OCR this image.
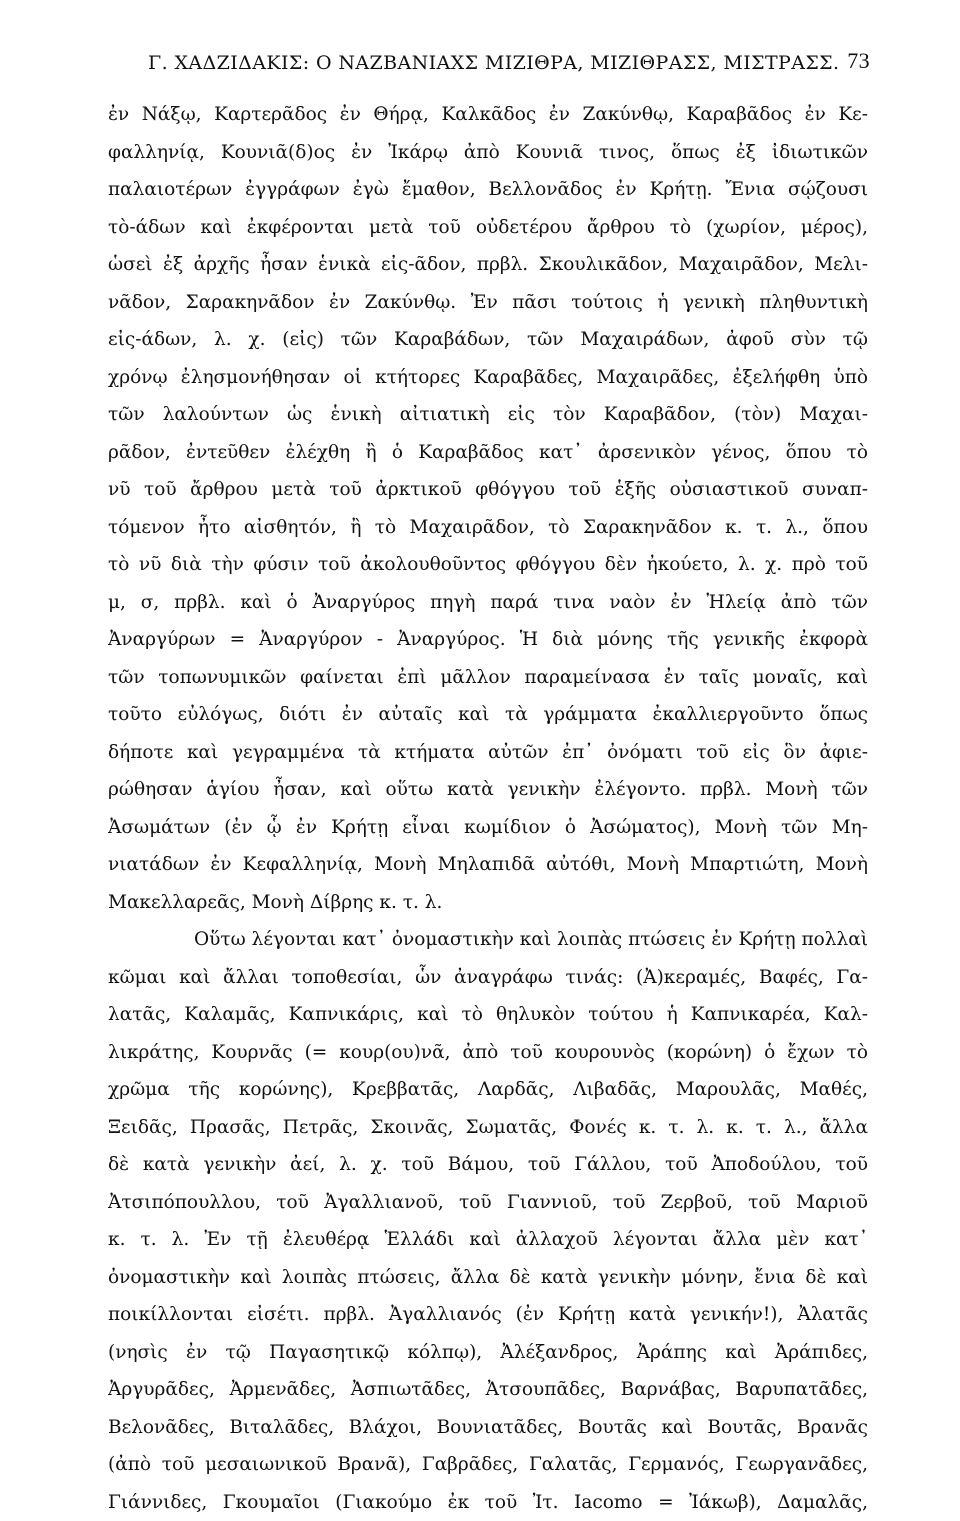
Γ. ΧΑΔΖΙΔΑΚΙΣ: Ο ΝΑΖΒΑΝΙΑΧΣ ΜΙΖΙΘΡΑ, ΜΙΖΙΘΡΑΣΣ, ΜΙΣΤΡΑΣΣ. 73
ἐν Νάξῳ, Καρτερᾶδος ἐν Θήρᾳ, Καλκᾶδος ἐν Ζακύνθῳ, Καραβᾶδος ἐν Κε-
φαλληνίᾳ, Κουνιᾶ(δ)ος ἐν Ἰκάρῳ ἀπὸ Κουνιᾶ τινος, ὅπως ἐξ ἰδιωτικῶν
παλαιοτέρων ἐγγράφων ἐγὼ ἔμαθον, Βελλονᾶδος ἐν Κρήτῃ. Ἔνια σῴζουσι
τὸ-άδων καὶ ἐκφέρονται μετὰ τοῦ οὐδετέρου ἄρθρου τὸ (χωρίον, μέρος),
ὡσεὶ ἐξ ἀρχῆς ἦσαν ἑνικὰ εἰς-ᾶδον, πρβλ. Σκουλικᾶδον, Μαχαιρᾶδον, Μελι-
νᾶδον, Σαρακηνᾶδον ἐν Ζακύνθῳ. Ἐν πᾶσι τούτοις ἡ γενικὴ πληθυντικὴ
εἰς-άδων, λ. χ. (εἰς) τῶν Καραβάδων, τῶν Μαχαιράδων, ἀφοῦ σὺν τῷ
χρόνῳ ἐλησμονήθησαν οἱ κτήτορες Καραβᾶδες, Μαχαιρᾶδες, ἐξελήφθη ὑπὸ
τῶν λαλούντων ὡς ἑνικὴ αἰτιατικὴ εἰς τὸν Καραβᾶδον, (τὸν) Μαχαι-
ρᾶδον, ἐντεῦθεν ἐλέχθη ἢ ὁ Καραβᾶδος κατ᾽ ἀρσενικὸν γένος, ὅπου τὸ
νῦ τοῦ ἄρθρου μετὰ τοῦ ἀρκτικοῦ φθόγγου τοῦ ἑξῆς οὐσιαστικοῦ συναπ-
τόμενον ἦτο αἰσθητόν, ἢ τὸ Μαχαιρᾶδον, τὸ Σαρακηνᾶδον κ. τ. λ., ὅπου
τὸ νῦ διὰ τὴν φύσιν τοῦ ἀκολουθοῦντος φθόγγου δὲν ἠκούετο, λ. χ. πρὸ τοῦ
μ, σ, πρβλ. καὶ ὁ Ἀναργύρος πηγὴ παρά τινα ναὸν ἐν Ἠλείᾳ ἀπὸ τῶν
Ἀναργύρων = Ἀναργύρον - Ἀναργύρος. Ἡ διὰ μόνης τῆς γενικῆς ἐκφορὰ
τῶν τοπωνυμικῶν φαίνεται ἐπὶ μᾶλλον παραμείνασα ἐν ταῖς μοναῖς, καὶ
τοῦτο εὐλόγως, διότι ἐν αὐταῖς καὶ τὰ γράμματα ἐκαλλιεργοῦντο ὅπως
δήποτε καὶ γεγραμμένα τὰ κτήματα αὐτῶν ἐπ᾽ ὀνόματι τοῦ εἰς ὃν ἀφιε-
ρώθησαν ἁγίου ἦσαν, καὶ οὕτω κατὰ γενικὴν ἐλέγοντο. πρβλ. Μονὴ τῶν
Ἀσωμάτων (ἐν ᾧ ἐν Κρήτῃ εἶναι κωμίδιον ὁ Ἀσώματος), Μονὴ τῶν Μη-
νιατάδων ἐν Κεφαλληνίᾳ, Μονὴ Μηλαπιδᾶ αὐτόθι, Μονὴ Μπαρτιώτη, Μονὴ
Μακελλαρεᾶς, Μονὴ Δίβρης κ. τ. λ.
Οὕτω λέγονται κατ᾽ ὀνομαστικὴν καὶ λοιπὰς πτώσεις ἐν Κρήτῃ πολλαὶ
κῶμαι καὶ ἄλλαι τοποθεσίαι, ὧν ἀναγράφω τινάς: (Ἀ)κεραμές, Βαφές, Γα-
λατᾶς, Καλαμᾶς, Καπνικάρις, καὶ τὸ θηλυκὸν τούτου ἡ Καπνικαρέα, Καλ-
λικράτης, Κουρνᾶς (= κουρ(ου)νᾶ, ἀπὸ τοῦ κουρουνὸς (κορώνη) ὁ ἔχων τὸ
χρῶμα τῆς κορώνης), Κρεββατᾶς, Λαρδᾶς, Λιβαδᾶς, Μαρουλᾶς, Μαθές,
Ξειδᾶς, Πρασᾶς, Πετρᾶς, Σκοινᾶς, Σωματᾶς, Φονές κ. τ. λ. κ. τ. λ., ἄλλα
δὲ κατὰ γενικὴν ἀεί, λ. χ. τοῦ Βάμου, τοῦ Γάλλου, τοῦ Ἀποδούλου, τοῦ
Ἀτσιπόπουλλου, τοῦ Ἀγαλλιανοῦ, τοῦ Γιαννιοῦ, τοῦ Ζερβοῦ, τοῦ Μαριοῦ
κ. τ. λ. Ἐν τῇ ἐλευθέρᾳ Ἑλλάδι καὶ ἀλλαχοῦ λέγονται ἄλλα μὲν κατ᾽
ὀνομαστικὴν καὶ λοιπὰς πτώσεις, ἄλλα δὲ κατὰ γενικὴν μόνην, ἔνια δὲ καὶ
ποικίλλονται εἰσέτι. πρβλ. Ἀγαλλιανός (ἐν Κρήτῃ κατὰ γενικήν!), Ἀλατᾶς
(νησὶς ἐν τῷ Παγασητικῷ κόλπῳ), Ἀλέξανδρος, Ἀράπης καὶ Ἀράπιδες,
Ἀργυρᾶδες, Ἀρμενᾶδες, Ἀσπιωτᾶδες, Ἀτσουπᾶδες, Βαρνάβας, Βαρυπατᾶδες,
Βελονᾶδες, Βιταλᾶδες, Βλάχοι, Βουνιατᾶδες, Βουτᾶς καὶ Βουτᾶς, Βρανᾶς
(ἀπὸ τοῦ μεσαιωνικοῦ Βρανᾶ), Γαβρᾶδες, Γαλατᾶς, Γερμανός, Γεωργανᾶδες,
Γιάννιδες, Γκουμαῖοι (Γιακούμο ἐκ τοῦ Ἰτ. Iacomo = Ἰάκωβ), Δαμαλᾶς,
